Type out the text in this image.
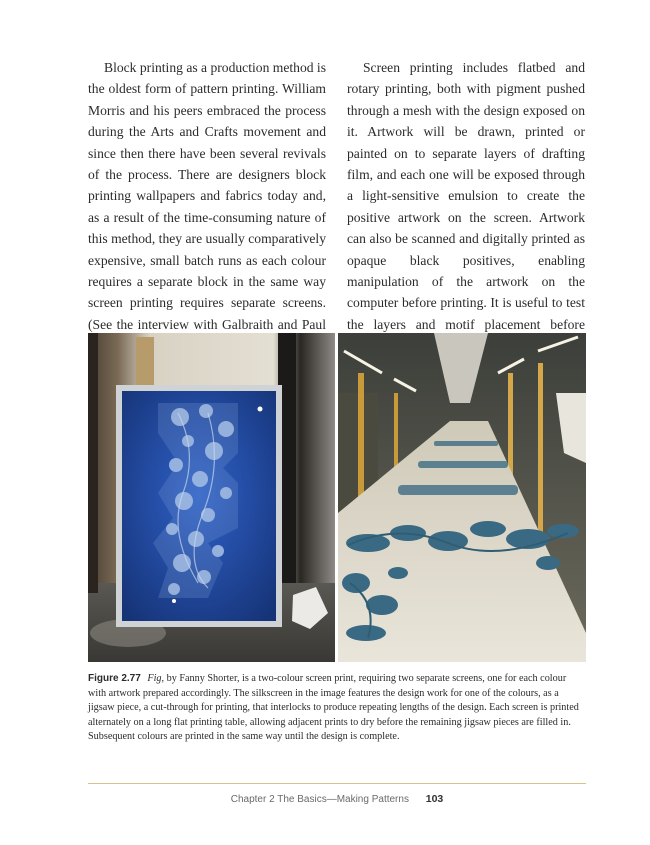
Block printing as a production method is the oldest form of pattern printing. William Morris and his peers embraced the process during the Arts and Crafts movement and since then there have been several revivals of the process. There are designers block printing wallpapers and fabrics today and, as a result of the time-consuming nature of this method, they are usually comparatively expensive, small batch runs as each colour requires a separate block in the same way screen printing requires separate screens. (See the interview with Galbraith and Paul

Screen printing includes flatbed and rotary printing, both with pigment pushed through a mesh with the design exposed on it. Artwork will be drawn, printed or painted on to separate layers of drafting film, and each one will be exposed through a light-sensitive emulsion to create the positive artwork on the screen. Artwork can also be scanned and digitally printed as opaque black positives, enabling manipulation of the artwork on the computer before printing. It is useful to test the layers and motif placement before

Figure 2.77 Fig, by Fanny Shorter, is a two-colour screen print, requiring two separate screens, one for each colour with artwork prepared accordingly. The silkscreen in the image features the design work for one of the colours, as a jigsaw piece, a cut-through for printing, that interlocks to produce repeating lengths of the design. Each screen is printed alternately on a long flat printing table, allowing adjacent prints to dry before the remaining jigsaw pieces are filled in. Subsequent colours are printed in the same way until the design is complete.

Chapter 2 The Basics—Making Patterns 103
